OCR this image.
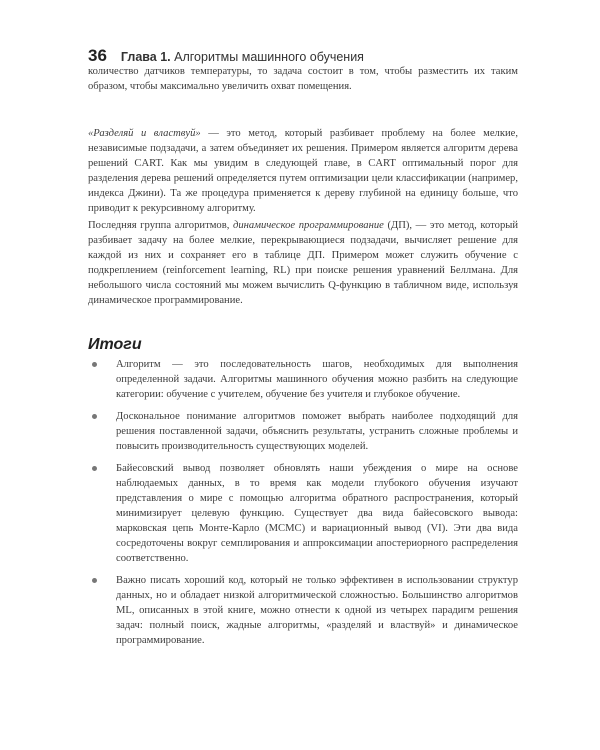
36 Глава 1. Алгоритмы машинного обучения

количество датчиков температуры, то задача состоит в том, чтобы разместить их таким образом, чтобы максимально увеличить охват помещения.

«Разделяй и властвуй» — это метод, который разбивает проблему на более мелкие, независимые подзадачи, а затем объединяет их решения. Примером является алгоритм дерева решений CART. Как мы увидим в следующей главе, в CART оптимальный порог для разделения дерева решений определяется путем оптимизации цели классификации (например, индекса Джини). Та же процедура применяется к дереву глубиной на единицу больше, что приводит к рекурсивному алгоритму.

Последняя группа алгоритмов, динамическое программирование (ДП), — это метод, который разбивает задачу на более мелкие, перекрывающиеся подзадачи, вычисляет решение для каждой из них и сохраняет его в таблице ДП. Примером может служить обучение с подкреплением (reinforcement learning, RL) при поиске решения уравнений Беллмана. Для небольшого числа состояний мы можем вычислить Q-функцию в табличном виде, используя динамическое программирование.

Итоги
Алгоритм — это последовательность шагов, необходимых для выполнения определенной задачи. Алгоритмы машинного обучения можно разбить на следующие категории: обучение с учителем, обучение без учителя и глубокое обучение.
Доскональное понимание алгоритмов поможет выбрать наиболее подходящий для решения поставленной задачи, объяснить результаты, устранить сложные проблемы и повысить производительность существующих моделей.
Байесовский вывод позволяет обновлять наши убеждения о мире на основе наблюдаемых данных, в то время как модели глубокого обучения изучают представления о мире с помощью алгоритма обратного распространения, который минимизирует целевую функцию. Существует два вида байесовского вывода: марковская цепь Монте-Карло (MCMC) и вариационный вывод (VI). Эти два вида сосредоточены вокруг семплирования и аппроксимации апостериорного распределения соответственно.
Важно писать хороший код, который не только эффективен в использовании структур данных, но и обладает низкой алгоритмической сложностью. Большинство алгоритмов ML, описанных в этой книге, можно отнести к одной из четырех парадигм решения задач: полный поиск, жадные алгоритмы, «разделяй и властвуй» и динамическое программирование.
